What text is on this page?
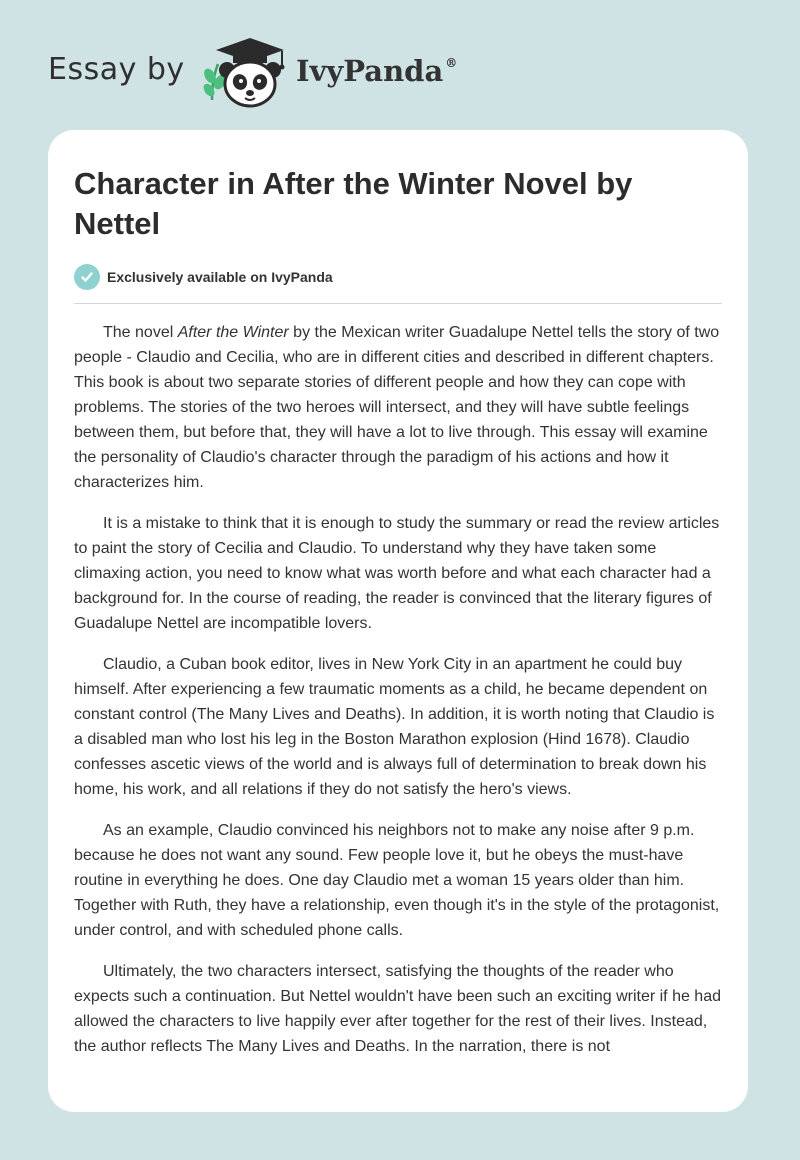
Essay by	IvyPanda ®
Character in After the Winter Novel by Nettel
Exclusively available on IvyPanda

The novel After the Winter by the Mexican writer Guadalupe Nettel tells the story of two people - Claudio and Cecilia, who are in different cities and described in different chapters. This book is about two separate stories of different people and how they can cope with problems. The stories of the two heroes will intersect, and they will have subtle feelings between them, but before that, they will have a lot to live through. This essay will examine the personality of Claudio's character through the paradigm of his actions and how it characterizes him.

It is a mistake to think that it is enough to study the summary or read the review articles to paint the story of Cecilia and Claudio. To understand why they have taken some climaxing action, you need to know what was worth before and what each character had a background for. In the course of reading, the reader is convinced that the literary figures of Guadalupe Nettel are incompatible lovers.

Claudio, a Cuban book editor, lives in New York City in an apartment he could buy himself. After experiencing a few traumatic moments as a child, he became dependent on constant control (The Many Lives and Deaths). In addition, it is worth noting that Claudio is a disabled man who lost his leg in the Boston Marathon explosion (Hind 1678). Claudio confesses ascetic views of the world and is always full of determination to break down his home, his work, and all relations if they do not satisfy the hero's views.

As an example, Claudio convinced his neighbors not to make any noise after 9 p.m. because he does not want any sound. Few people love it, but he obeys the must-have routine in everything he does. One day Claudio met a woman 15 years older than him. Together with Ruth, they have a relationship, even though it's in the style of the protagonist, under control, and with scheduled phone calls.

Ultimately, the two characters intersect, satisfying the thoughts of the reader who expects such a continuation. But Nettel wouldn't have been such an exciting writer if he had allowed the characters to live happily ever after together for the rest of their lives. Instead, the author reflects The Many Lives and Deaths. In the narration, there is not
